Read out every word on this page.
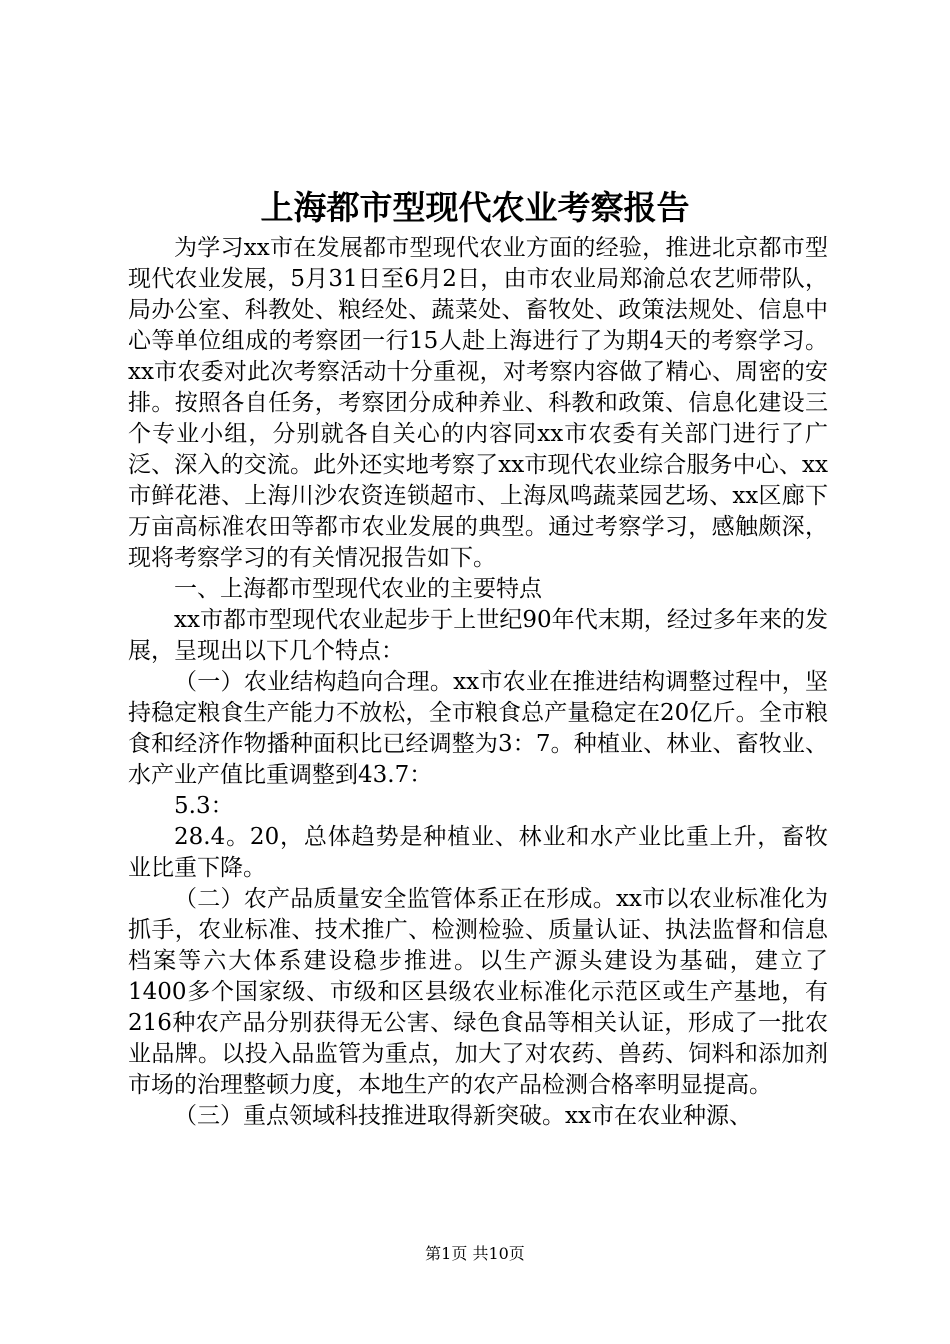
上海都市型现代农业考察报告

为学习xx市在发展都市型现代农业方面的经验，推进北京都市型现代农业发展，5月31日至6月2日，由市农业局郑渝总农艺师带队，局办公室、科教处、粮经处、蔬菜处、畜牧处、政策法规处、信息中心等单位组成的考察团一行15人赴上海进行了为期4天的考察学习。xx市农委对此次考察活动十分重视，对考察内容做了精心、周密的安排。按照各自任务，考察团分成种养业、科教和政策、信息化建设三个专业小组，分别就各自关心的内容同xx市农委有关部门进行了广泛、深入的交流。此外还实地考察了xx市现代农业综合服务中心、xx市鲜花港、上海川沙农资连锁超市、上海凤鸣蔬菜园艺场、xx区廊下万亩高标准农田等都市农业发展的典型。通过考察学习，感触颇深，现将考察学习的有关情况报告如下。

一、上海都市型现代农业的主要特点

xx市都市型现代农业起步于上世纪90年代末期，经过多年来的发展，呈现出以下几个特点：

（一）农业结构趋向合理。xx市农业在推进结构调整过程中，坚持稳定粮食生产能力不放松，全市粮食总产量稳定在20亿斤。全市粮食和经济作物播种面积比已经调整为3：7。种植业、林业、畜牧业、水产业产值比重调整到43.7：

5.3：

28.4。20，总体趋势是种植业、林业和水产业比重上升，畜牧业比重下降。

（二）农产品质量安全监管体系正在形成。xx市以农业标准化为抓手，农业标准、技术推广、检测检验、质量认证、执法监督和信息档案等六大体系建设稳步推进。以生产源头建设为基础，建立了1400多个国家级、市级和区县级农业标准化示范区或生产基地，有216种农产品分别获得无公害、绿色食品等相关认证，形成了一批农业品牌。以投入品监管为重点，加大了对农药、兽药、饲料和添加剂市场的治理整顿力度，本地生产的农产品检测合格率明显提高。

（三）重点领域科技推进取得新突破。xx市在农业种源、

第1页 共10页
